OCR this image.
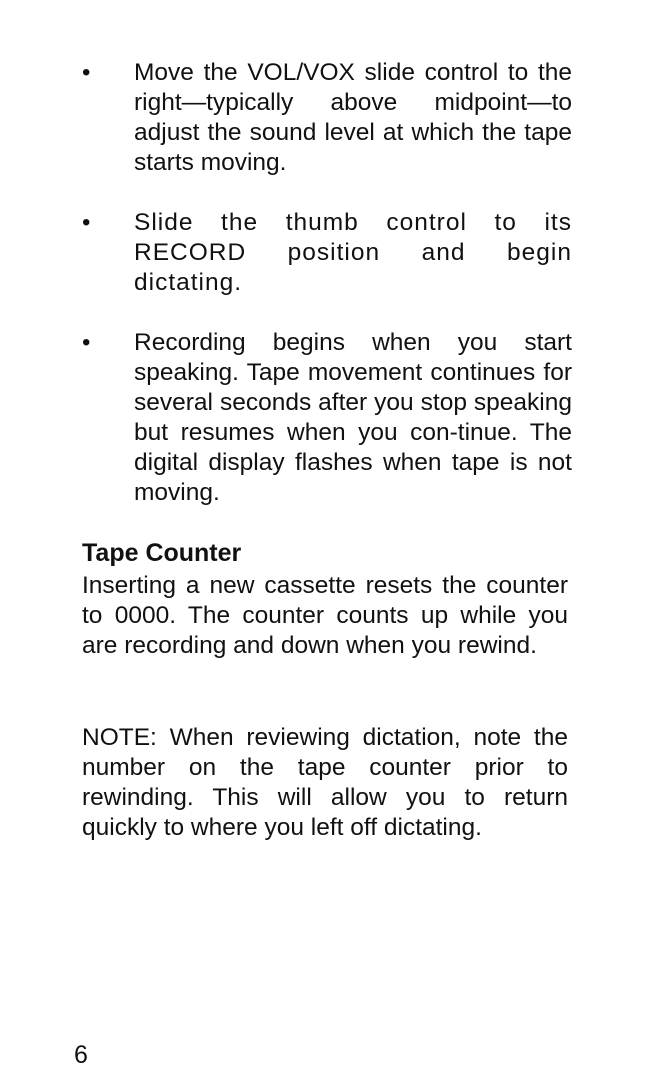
•	Move the VOL/VOX slide control to the right—typically above midpoint—to adjust the sound level at which the tape starts moving.
•	Slide the thumb control to its RECORD position and begin dictating.
•	Recording begins when you start speaking. Tape movement continues for several seconds after you stop speaking but resumes when you con-tinue. The digital display flashes when tape is not moving.
Tape Counter
Inserting a new cassette resets the counter to 0000. The counter counts up while you are recording and down when you rewind.
NOTE: When reviewing dictation, note the number on the tape counter prior to rewinding. This will allow you to return quickly to where you left off dictating.
6
